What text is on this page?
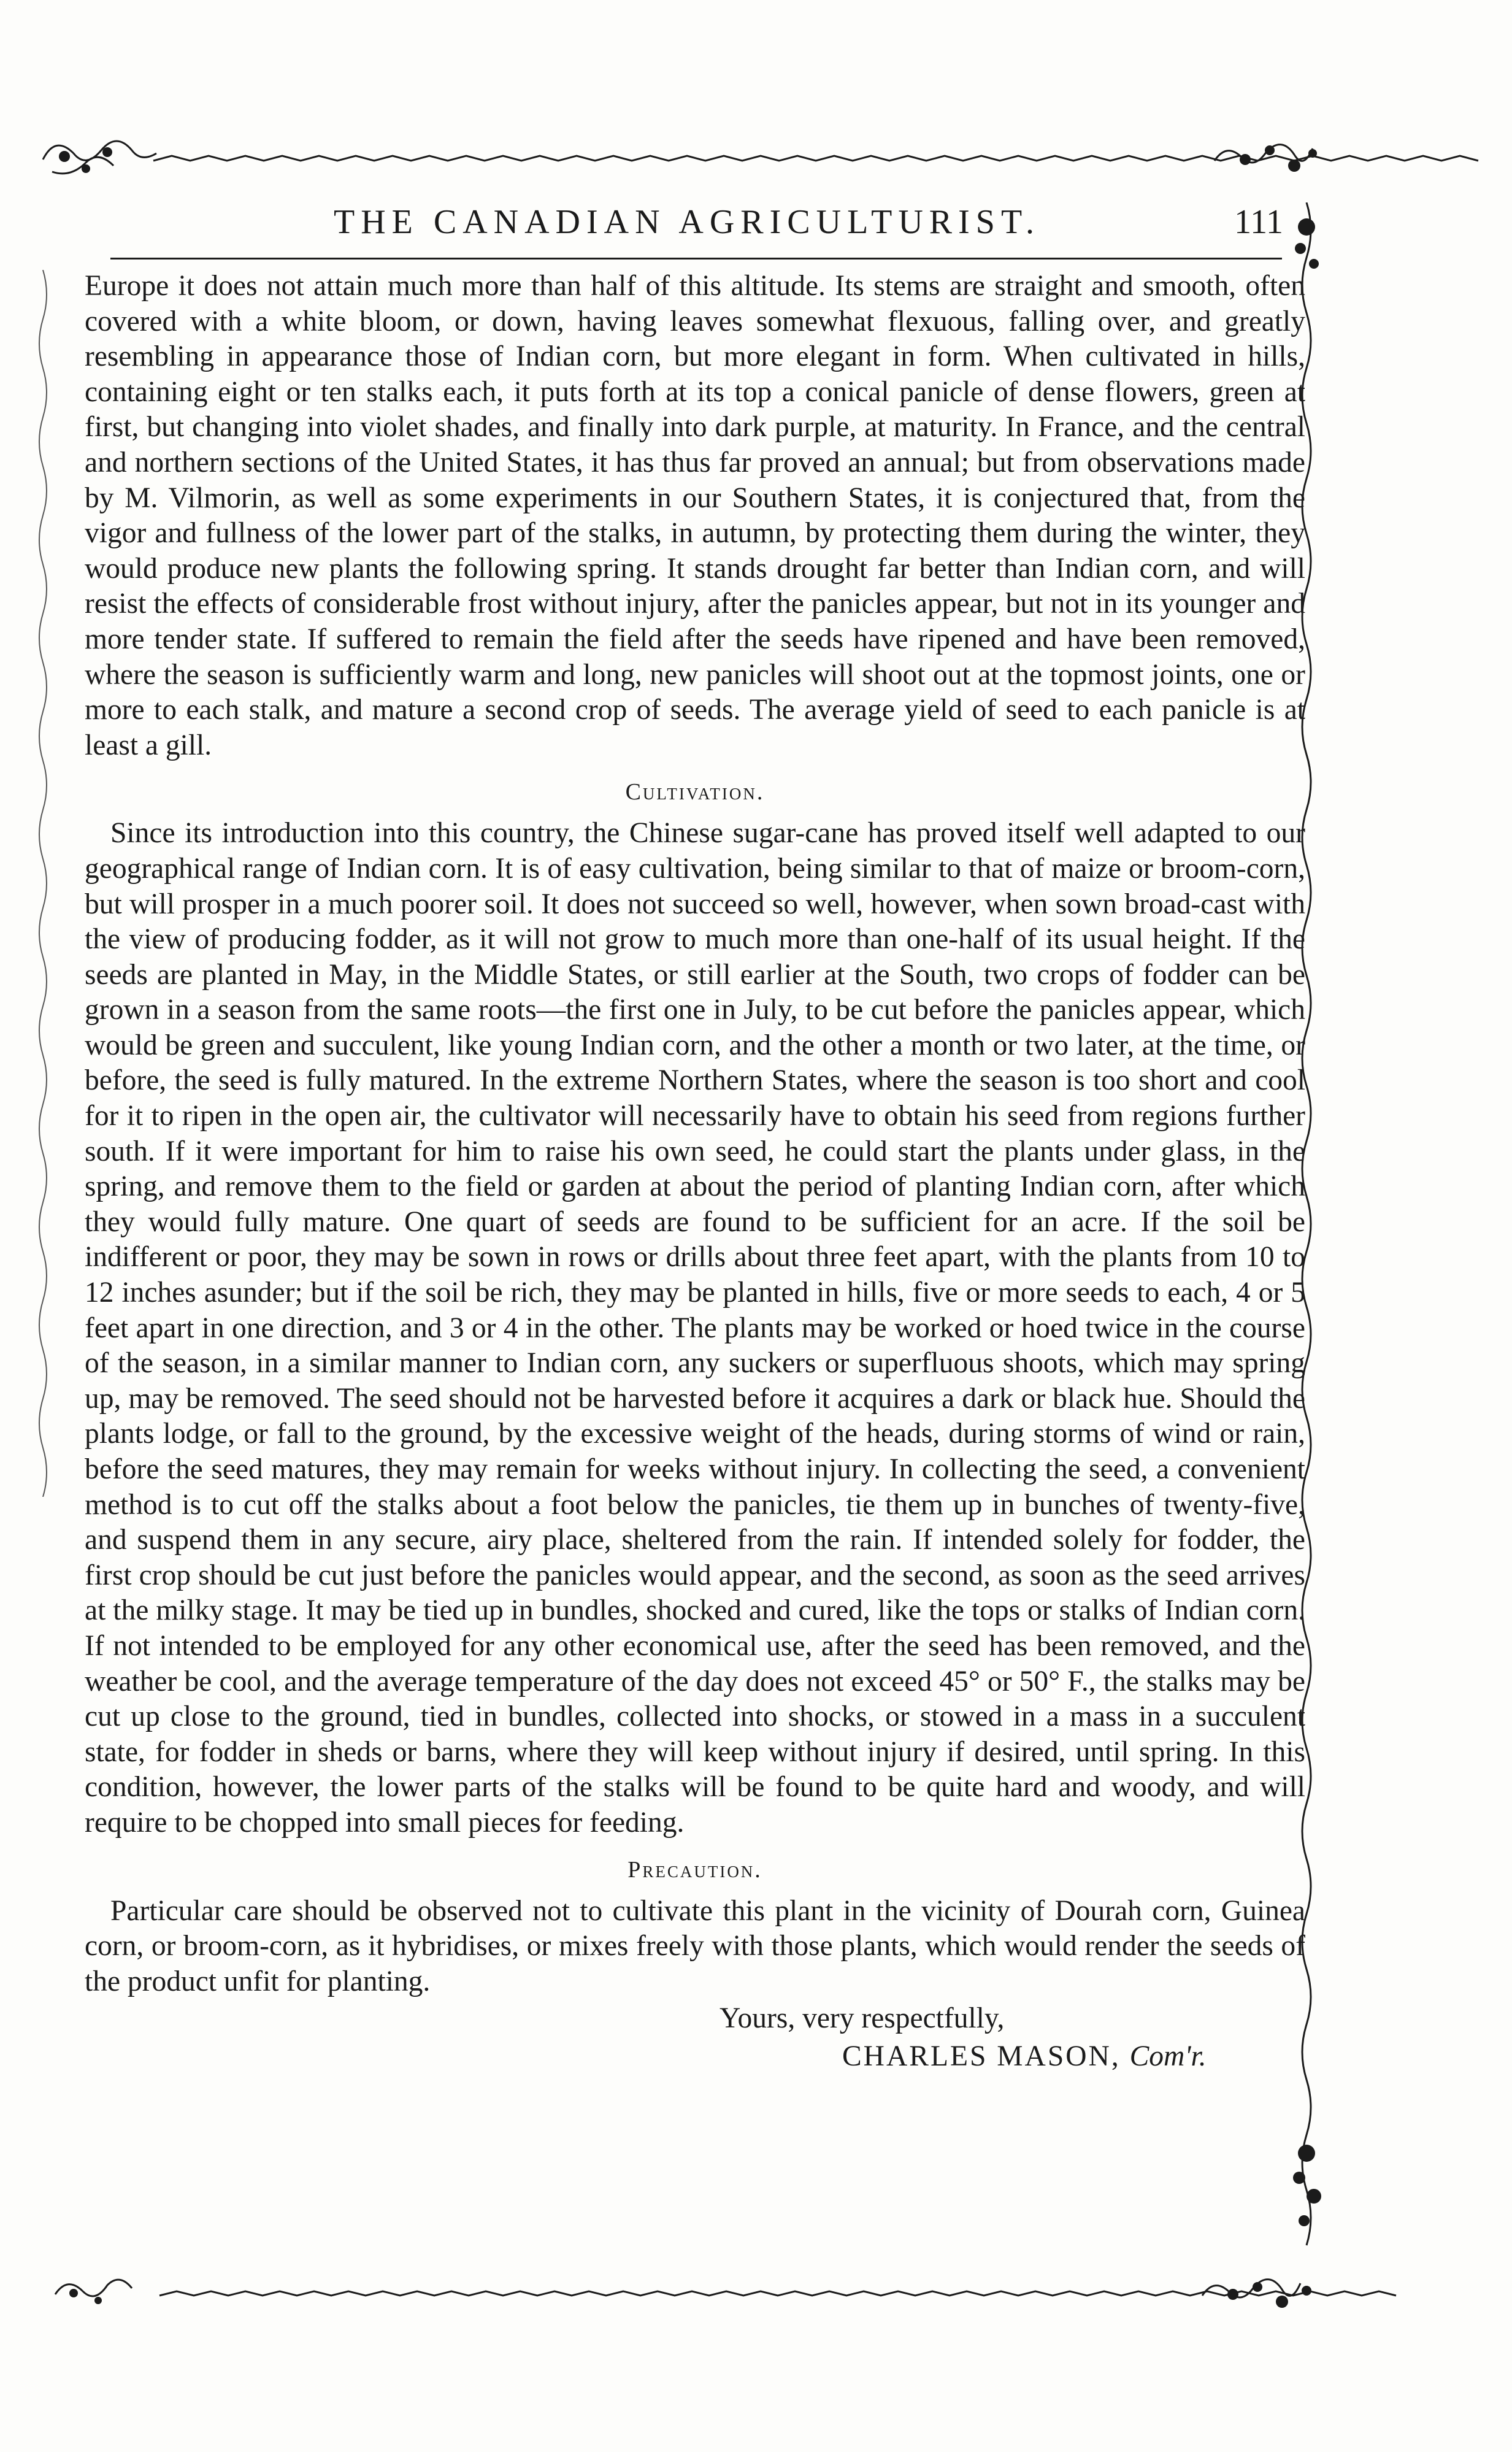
THE CANADIAN AGRICULTURIST.	111

Europe it does not attain much more than half of this altitude. Its stems are straight and smooth, often covered with a white bloom, or down, having leaves somewhat flexuous, falling over, and greatly resembling in appearance those of Indian corn, but more elegant in form. When cultivated in hills, containing eight or ten stalks each, it puts forth at its top a conical panicle of dense flowers, green at first, but changing into violet shades, and finally into dark purple, at maturity. In France, and the central and northern sections of the United States, it has thus far proved an annual; but from observations made by M. Vilmorin, as well as some experiments in our Southern States, it is conjectured that, from the vigor and fullness of the lower part of the stalks, in autumn, by protecting them during the winter, they would produce new plants the following spring. It stands drought far better than Indian corn, and will resist the effects of considerable frost without injury, after the panicles appear, but not in its younger and more tender state. If suffered to remain the field after the seeds have ripened and have been removed, where the season is sufficiently warm and long, new panicles will shoot out at the topmost joints, one or more to each stalk, and mature a second crop of seeds. The average yield of seed to each panicle is at least a gill.

Cultivation.

Since its introduction into this country, the Chinese sugar-cane has proved itself well adapted to our geographical range of Indian corn. It is of easy cultivation, being similar to that of maize or broom-corn, but will prosper in a much poorer soil. It does not succeed so well, however, when sown broad-cast with the view of producing fodder, as it will not grow to much more than one-half of its usual height. If the seeds are planted in May, in the Middle States, or still earlier at the South, two crops of fodder can be grown in a season from the same roots—the first one in July, to be cut before the panicles appear, which would be green and succulent, like young Indian corn, and the other a month or two later, at the time, or before, the seed is fully matured. In the extreme Northern States, where the season is too short and cool for it to ripen in the open air, the cultivator will necessarily have to obtain his seed from regions further south. If it were important for him to raise his own seed, he could start the plants under glass, in the spring, and remove them to the field or garden at about the period of planting Indian corn, after which they would fully mature. One quart of seeds are found to be sufficient for an acre. If the soil be indifferent or poor, they may be sown in rows or drills about three feet apart, with the plants from 10 to 12 inches asunder; but if the soil be rich, they may be planted in hills, five or more seeds to each, 4 or 5 feet apart in one direction, and 3 or 4 in the other. The plants may be worked or hoed twice in the course of the season, in a similar manner to Indian corn, any suckers or superfluous shoots, which may spring up, may be removed. The seed should not be harvested before it acquires a dark or black hue. Should the plants lodge, or fall to the ground, by the excessive weight of the heads, during storms of wind or rain, before the seed matures, they may remain for weeks without injury. In collecting the seed, a convenient method is to cut off the stalks about a foot below the panicles, tie them up in bunches of twenty-five, and suspend them in any secure, airy place, sheltered from the rain. If intended solely for fodder, the first crop should be cut just before the panicles would appear, and the second, as soon as the seed arrives at the milky stage. It may be tied up in bundles, shocked and cured, like the tops or stalks of Indian corn. If not intended to be employed for any other economical use, after the seed has been removed, and the weather be cool, and the average temperature of the day does not exceed 45° or 50° F., the stalks may be cut up close to the ground, tied in bundles, collected into shocks, or stowed in a mass in a succulent state, for fodder in sheds or barns, where they will keep without injury if desired, until spring. In this condition, however, the lower parts of the stalks will be found to be quite hard and woody, and will require to be chopped into small pieces for feeding.

Precaution.

Particular care should be observed not to cultivate this plant in the vicinity of Dourah corn, Guinea corn, or broom-corn, as it hybridises, or mixes freely with those plants, which would render the seeds of the product unfit for planting.

Yours, very respectfully,

CHARLES MASON, Com'r.
